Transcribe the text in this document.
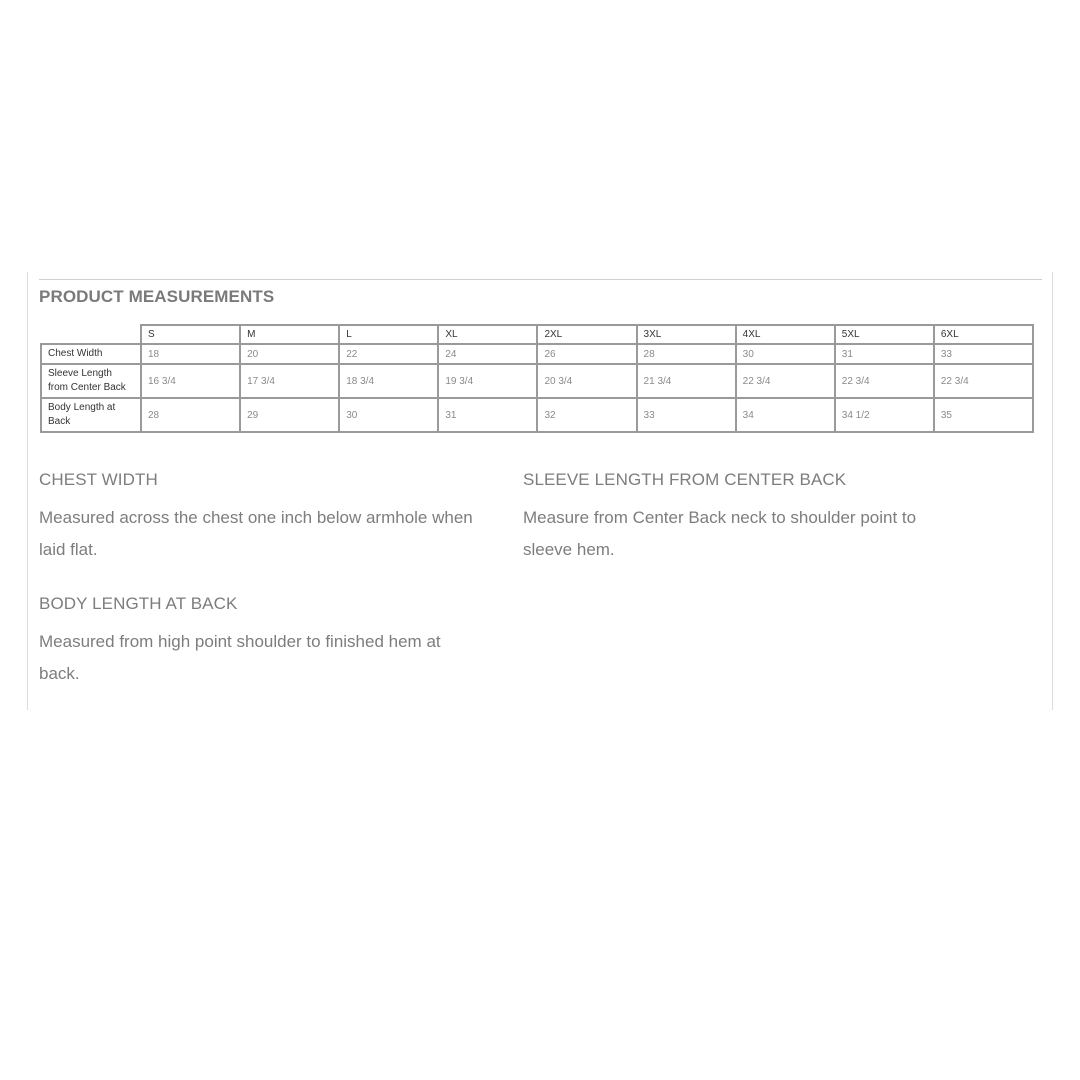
PRODUCT MEASUREMENTS
	S	M	L	XL	2XL	3XL	4XL	5XL	6XL
Chest Width	18	20	22	24	26	28	30	31	33
Sleeve Length
from Center Back	16 3/4	17 3/4	18 3/4	19 3/4	20 3/4	21 3/4	22 3/4	22 3/4	22 3/4
Body Length at
Back	28	29	30	31	32	33	34	34 1/2	35
CHEST WIDTH

Measured across the chest one inch below armhole when laid flat.

SLEEVE LENGTH FROM CENTER BACK

Measure from Center Back neck to shoulder point to sleeve hem.

BODY LENGTH AT BACK

Measured from high point shoulder to finished hem at back.
